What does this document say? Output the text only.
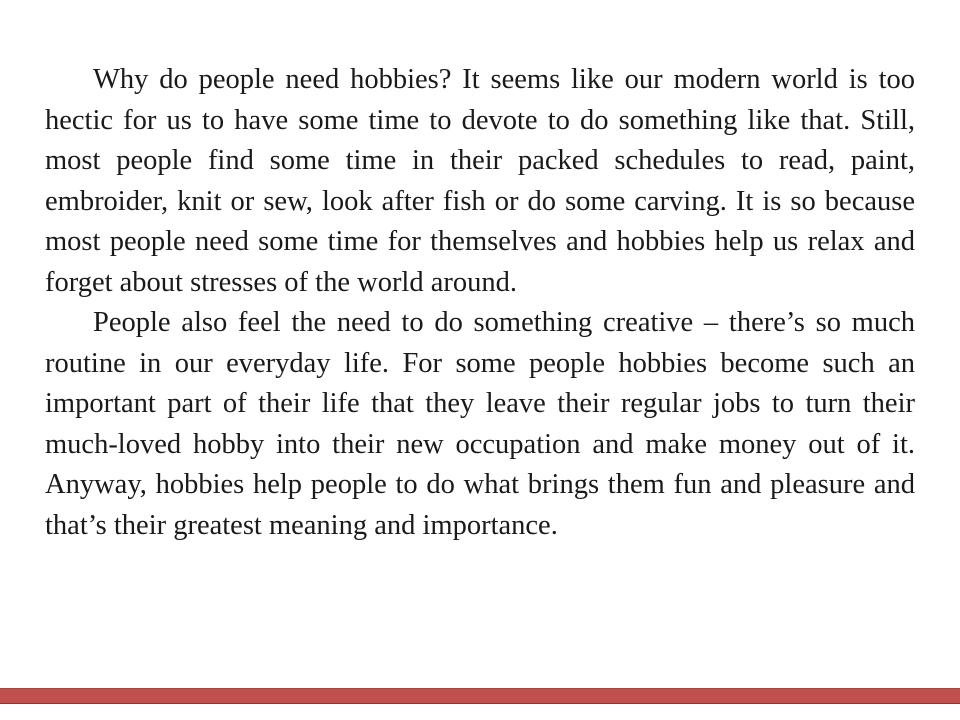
Why do people need hobbies? It seems like our modern world is too hectic for us to have some time to devote to do something like that. Still, most people find some time in their packed schedules to read, paint, embroider, knit or sew, look after fish or do some carving. It is so because most people need some time for themselves and hobbies help us relax and forget about stresses of the world around.

People also feel the need to do something creative – there’s so much routine in our everyday life. For some people hobbies become such an important part of their life that they leave their regular jobs to turn their much-loved hobby into their new occupation and make money out of it. Anyway, hobbies help people to do what brings them fun and pleasure and that’s their greatest meaning and importance.
